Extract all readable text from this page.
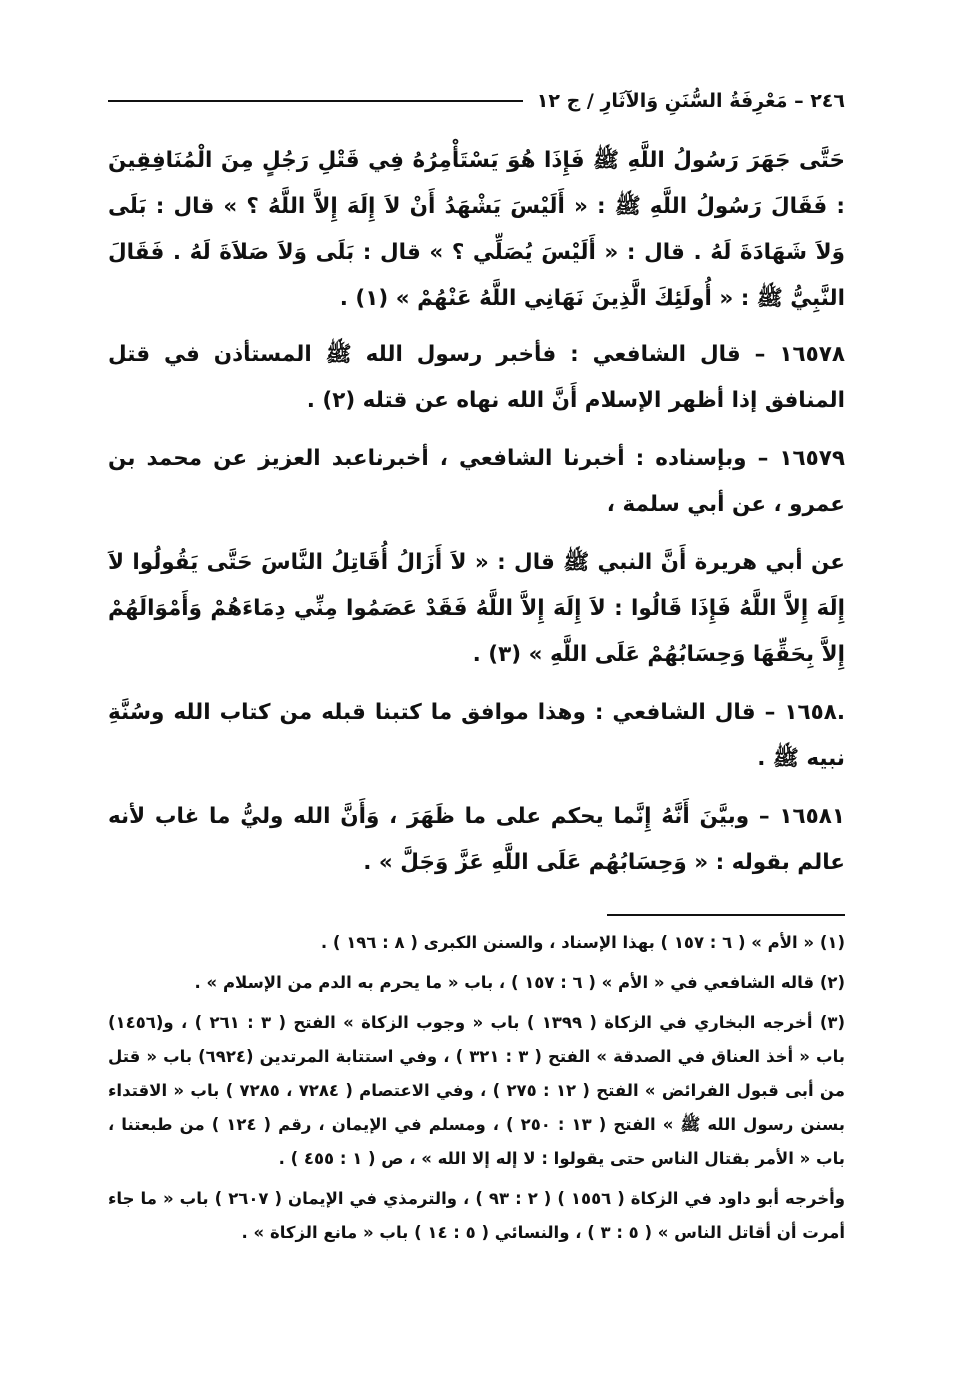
٢٤٦ – مَعْرِفَةُ السُّنَنِ وَالآثَارِ / ج ١٢

حَتَّى جَهَرَ رَسُولُ اللَّهِ ﷺ فَإِذَا هُوَ يَسْتَأْمِرُهُ فِي قَتْلِ رَجُلٍ مِنَ الْمُنَافِقِينَ : فَقَالَ رَسُولُ اللَّهِ ﷺ : « أَلَيْسَ يَشْهَدُ أَنْ لاَ إِلَهَ إِلاَّ اللَّهُ ؟ » قال : بَلَى وَلاَ شَهَادَةَ لَهُ . قال : « أَلَيْسَ يُصَلِّي ؟ » قال : بَلَى وَلاَ صَلاَةَ لَهُ . فَقَالَ النَّبِيُّ ﷺ : « أُولَئِكَ الَّذِينَ نَهَانِي اللَّهُ عَنْهُمْ » (١) .

١٦٥٧٨ – قال الشافعي : فأخبر رسول الله ﷺ المستأذن في قتل المنافق إذا أظهر الإسلام أَنَّ الله نهاه عن قتله (٢) .

١٦٥٧٩ – وبإسناده : أخبرنا الشافعي ، أخبرناعبد العزيز عن محمد بن عمرو ، عن أبي سلمة ،

عن أبي هريرة أَنَّ النبي ﷺ قال : « لاَ أَزَالُ أُقَاتِلُ النَّاسَ حَتَّى يَقُولُوا لاَ إِلَهَ إِلاَّ اللَّهُ فَإِذَا قَالُوا : لاَ إِلَهَ إِلاَّ اللَّهُ فَقَدْ عَصَمُوا مِنِّي دِمَاءَهُمْ وَأَمْوَالَهُمْ إِلاَّ بِحَقِّهَا وَحِسَابُهُمْ عَلَى اللَّهِ » (٣) .

.١٦٥٨ – قال الشافعي : وهذا موافق ما كتبنا قبله من كتاب الله وسُنَّةِ نبيه ﷺ .

١٦٥٨١ – وبيَّنَ أَنَّهُ إِنَّما يحكم على ما ظَهَرَ ، وَأَنَّ الله وليُّ ما غاب لأنه عالم بقوله : « وَحِسَابُهُم عَلَى اللَّهِ عَزَّ وَجَلَّ » .

(١) « الأم » ( ٦ : ١٥٧ ) بهذا الإسناد ، والسنن الكبرى ( ٨ : ١٩٦ ) .

(٢) قاله الشافعي في « الأم » ( ٦ : ١٥٧ ) ، باب « ما يحرم به الدم من الإسلام » .

(٣) أخرجه البخاري في الزكاة ( ١٣٩٩ ) باب « وجوب الزكاة » الفتح ( ٣ : ٢٦١ ) ، و(١٤٥٦) باب « أخذ العناق في الصدقة » الفتح ( ٣ : ٣٢١ ) ، وفي استتابة المرتدين (٦٩٢٤) باب « قتل من أبى قبول الفرائض » الفتح ( ١٢ : ٢٧٥ ) ، وفي الاعتصام ( ٧٢٨٤ ، ٧٢٨٥ ) باب « الاقتداء بسنن رسول الله ﷺ » الفتح ( ١٣ : ٢٥٠ ) ، ومسلم في الإيمان ، رقم ( ١٢٤ ) من طبعتنا ، باب « الأمر بقتال الناس حتى يقولوا : لا إله إلا الله » ، ص ( ١ : ٤٥٥ ) .

وأخرجه أبو داود في الزكاة ( ١٥٥٦ ) ( ٢ : ٩٣ ) ، والترمذي في الإيمان ( ٢٦٠٧ ) باب « ما جاء أمرت أن أقاتل الناس » ( ٥ : ٣ ) ، والنسائي ( ٥ : ١٤ ) باب « مانع الزكاة » .
